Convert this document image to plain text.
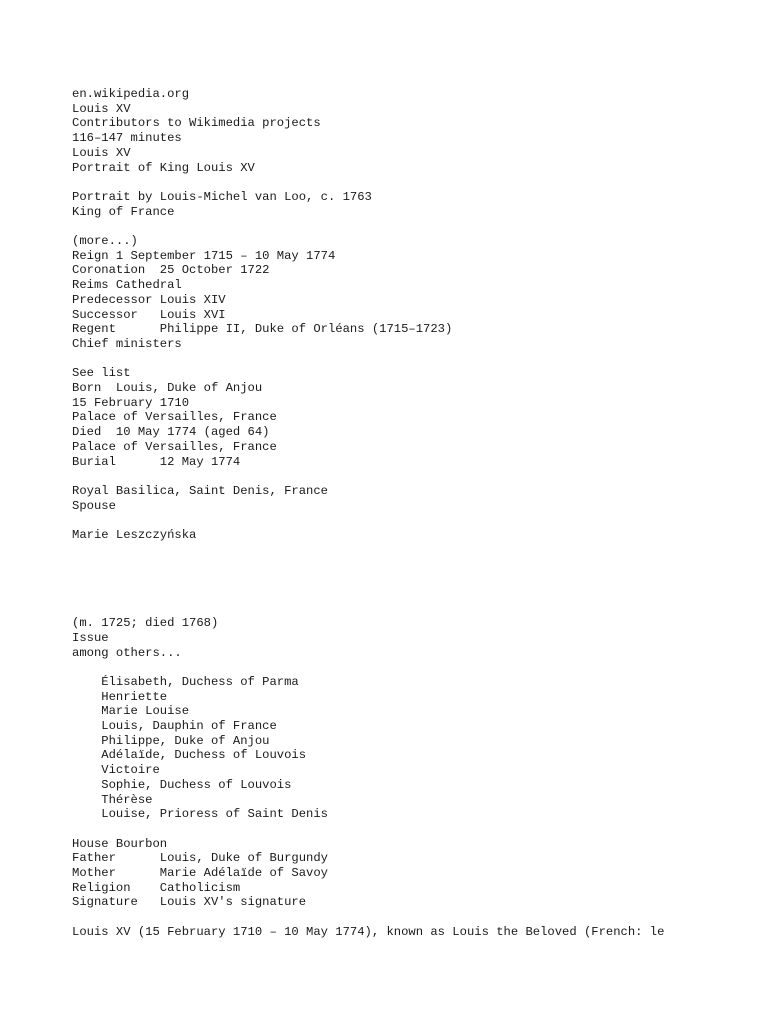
en.wikipedia.org
Louis XV
Contributors to Wikimedia projects
116–147 minutes
Louis XV
Portrait of King Louis XV
Portrait by Louis-Michel van Loo, c. 1763
King of France
(more...)
Reign 1 September 1715 – 10 May 1774
Coronation  25 October 1722
Reims Cathedral
Predecessor Louis XIV
Successor   Louis XVI
Regent      Philippe II, Duke of Orléans (1715–1723)
Chief ministers
See list
Born  Louis, Duke of Anjou
15 February 1710
Palace of Versailles, France
Died  10 May 1774 (aged 64)
Palace of Versailles, France
Burial      12 May 1774
Royal Basilica, Saint Denis, France
Spouse
Marie Leszczyńska
(m. 1725; died 1768)
Issue
among others...
Élisabeth, Duchess of Parma
Henriette
Marie Louise
Louis, Dauphin of France
Philippe, Duke of Anjou
Adélaïde, Duchess of Louvois
Victoire
Sophie, Duchess of Louvois
Thérèse
Louise, Prioress of Saint Denis
House Bourbon
Father      Louis, Duke of Burgundy
Mother      Marie Adélaïde of Savoy
Religion    Catholicism
Signature   Louis XV's signature
Louis XV (15 February 1710 – 10 May 1774), known as Louis the Beloved (French: le
